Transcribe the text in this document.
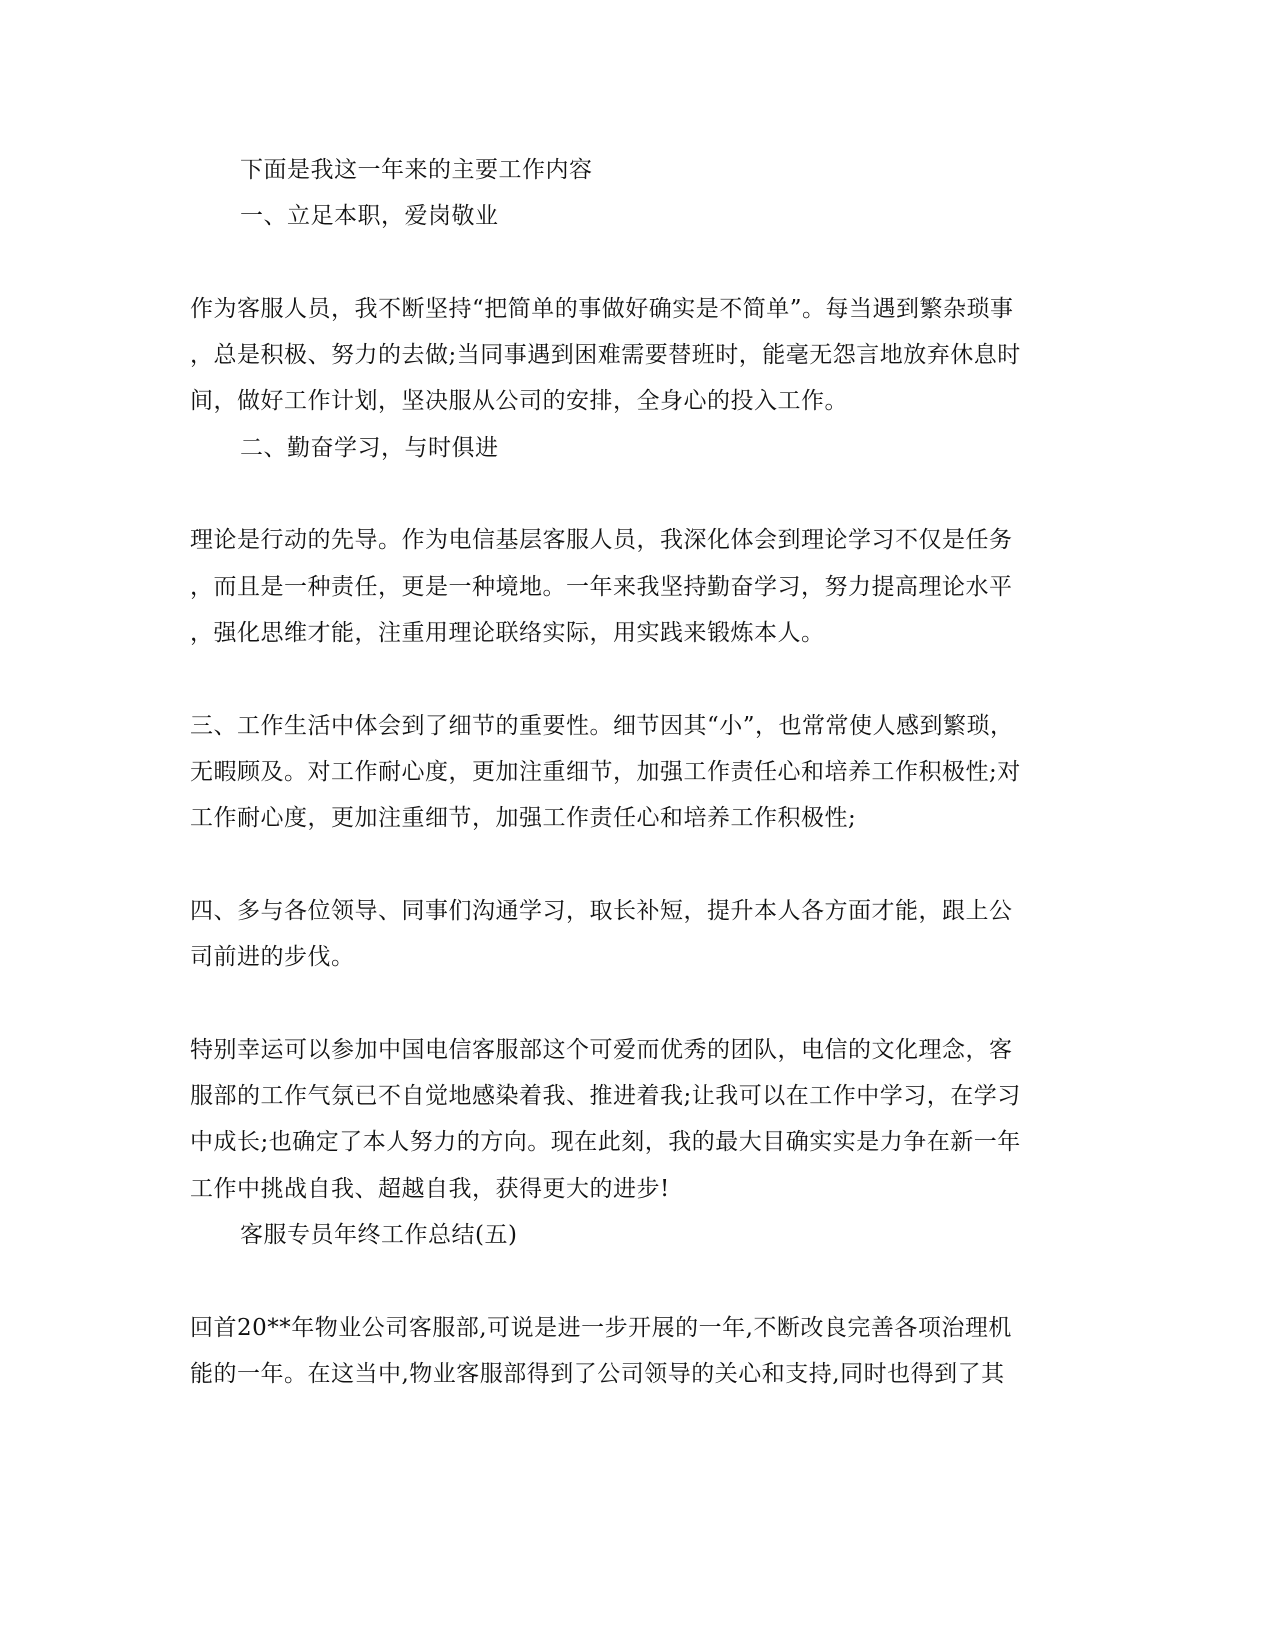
下面是我这一年来的主要工作内容
一、立足本职，爱岗敬业
作为客服人员，我不断坚持“把简单的事做好确实是不简单”。每当遇到繁杂琐事
，总是积极、努力的去做;当同事遇到困难需要替班时，能毫无怨言地放弃休息时
间，做好工作计划，坚决服从公司的安排，全身心的投入工作。
二、勤奋学习，与时俱进
理论是行动的先导。作为电信基层客服人员，我深化体会到理论学习不仅是任务
，而且是一种责任，更是一种境地。一年来我坚持勤奋学习，努力提高理论水平
，强化思维才能，注重用理论联络实际，用实践来锻炼本人。
三、工作生活中体会到了细节的重要性。细节因其“小”，也常常使人感到繁琐，
无暇顾及。对工作耐心度，更加注重细节，加强工作责任心和培养工作积极性;对
工作耐心度，更加注重细节，加强工作责任心和培养工作积极性;
四、多与各位领导、同事们沟通学习，取长补短，提升本人各方面才能，跟上公
司前进的步伐。
特别幸运可以参加中国电信客服部这个可爱而优秀的团队，电信的文化理念，客
服部的工作气氛已不自觉地感染着我、推进着我;让我可以在工作中学习，在学习
中成长;也确定了本人努力的方向。现在此刻，我的最大目确实实是力争在新一年
工作中挑战自我、超越自我，获得更大的进步!
客服专员年终工作总结(五)
回首20**年物业公司客服部,可说是进一步开展的一年,不断改良完善各项治理机
能的一年。在这当中,物业客服部得到了公司领导的关心和支持,同时也得到了其
